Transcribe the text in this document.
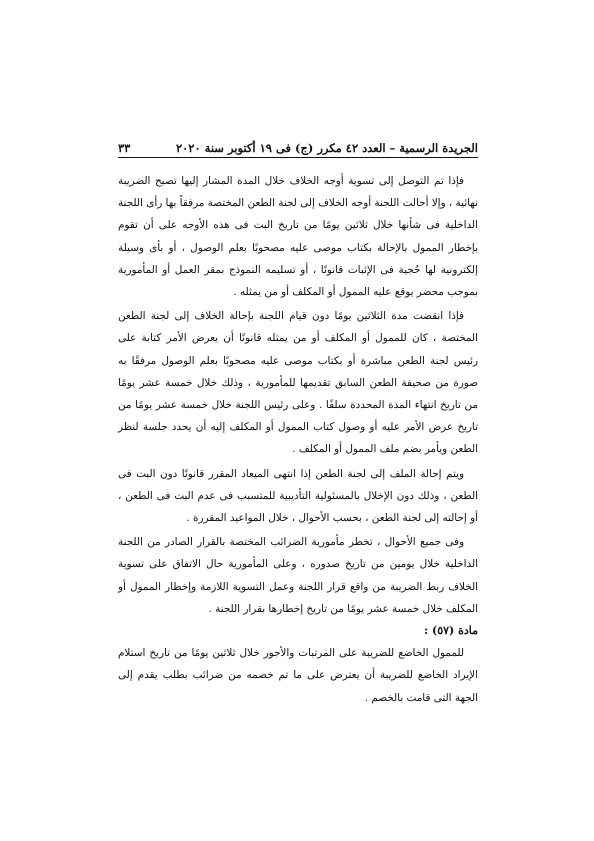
الجريدة الرسمية – العدد ٤٢ مكرر (ج) فى ١٩ أكتوبر سنة ٢٠٢٠
٣٣

فإذا تم التوصل إلى تسوية أوجه الخلاف خلال المدة المشار إليها تصبح الضريبة نهائية ، وإلا أحالت اللجنة أوجه الخلاف إلى لجنة الطعن المختصة مرفقاً بها رأى اللجنة الداخلية فى شأنها خلال ثلاثين يومًا من تاريخ البت فى هذه الأوجه على أن تقوم بإخطار الممول بالإحالة بكتاب موصى عليه مصحوبًا بعلم الوصول ، أو بأى وسيلة إلكترونية لها حُجية فى الإثبات قانونًا ، أو تسليمه النموذج بمقر العمل أو المأمورية بموجب محضر يوقع عليه الممول أو المكلف أو من يمثله .

فإذا انقضت مدة الثلاثين يومًا دون قيام اللجنة بإحالة الخلاف إلى لجنة الطعن المختصة ، كان للممول أو المكلف أو من يمثله قانونًا أن يعرض الأمر كتابة على رئيس لجنة الطعن مباشرة أو بكتاب موصى عليه مصحوبًا بعلم الوصول مرفقًا به صورة من صحيفة الطعن السابق تقديمها للمأمورية ، وذلك خلال خمسة عشر يومًا من تاريخ انتهاء المدة المحددة سلفًا . وعلى رئيس اللجنة خلال خمسة عشر يومًا من تاريخ عرض الأمر عليه أو وصول كتاب الممول أو المكلف إليه أن يحدد جلسة لنظر الطعن ويأمر بضم ملف الممول أو المكلف .

ويتم إحالة الملف إلى لجنة الطعن إذا انتهى الميعاد المقرر قانونًا دون البت فى الطعن ، وذلك دون الإخلال بالمسئولية التأديبية للمتسبب فى عدم البت فى الطعن ، أو إحالته إلى لجنة الطعن ، بحسب الأحوال ، خلال المواعيد المقررة .

وفى جميع الأحوال ، تخطر مأمورية الضرائب المختصة بالقرار الصادر من اللجنة الداخلية خلال يومين من تاريخ صدوره ، وعلى المأمورية حال الاتفاق على تسوية الخلاف ربط الضريبة من واقع قرار اللجنة وعمل التسوية اللازمة وإخطار الممول أو المكلف خلال خمسة عشر يومًا من تاريخ إخطارها بقرار اللجنة .

مادة (٥٧) :

للممول الخاضع للضريبة على المرتبات والأجور خلال ثلاثين يومًا من تاريخ استلام الإيراد الخاضع للضريبة أن يعترض على ما تم خصمه من ضرائب بطلب يقدم إلى الجهة التى قامت بالخصم .
